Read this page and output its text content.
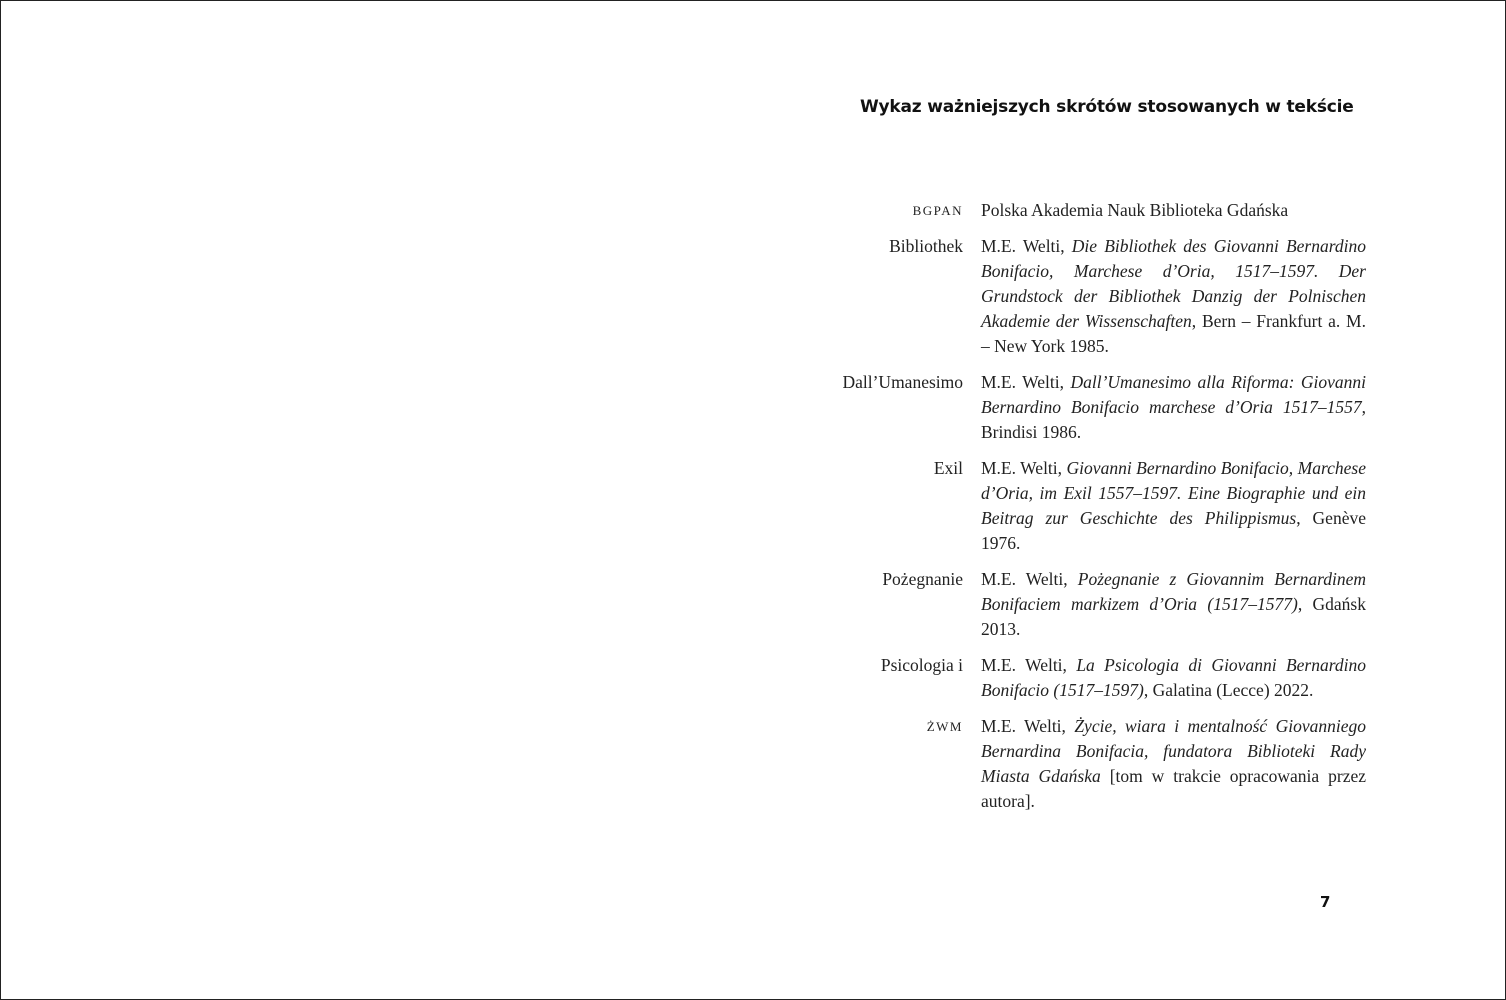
Wykaz ważniejszych skrótów stosowanych w tekście
BGPAN	Polska Akademia Nauk Biblioteka Gdańska
Bibliothek	M.E. Welti, Die Bibliothek des Giovanni Bernardino Bonifacio, Marchese d’Oria, 1517–1597. Der Grundstock der Bibliothek Danzig der Polnischen Akademie der Wissenschaften, Bern – Frankfurt a. M. – New York 1985.
Dall’Umanesimo	M.E. Welti, Dall’Umanesimo alla Riforma: Giovanni Bernardino Bonifacio marchese d’Oria 1517–1557, Brindisi 1986.
Exil	M.E. Welti, Giovanni Bernardino Bonifacio, Marchese d’Oria, im Exil 1557–1597. Eine Biographie und ein Beitrag zur Geschichte des Philippismus, Genève 1976.
Pożegnanie	M.E. Welti, Pożegnanie z Giovannim Bernardinem Bonifaciem markizem d’Oria (1517–1577), Gdańsk 2013.
Psicologia i	M.E. Welti, La Psicologia di Giovanni Bernardino Bonifacio (1517–1597), Galatina (Lecce) 2022.
ŻWM	M.E. Welti, Życie, wiara i mentalność Giovanniego Bernardina Bonifacia, fundatora Biblioteki Rady Miasta Gdańska [tom w trakcie opracowania przez autora].
7
